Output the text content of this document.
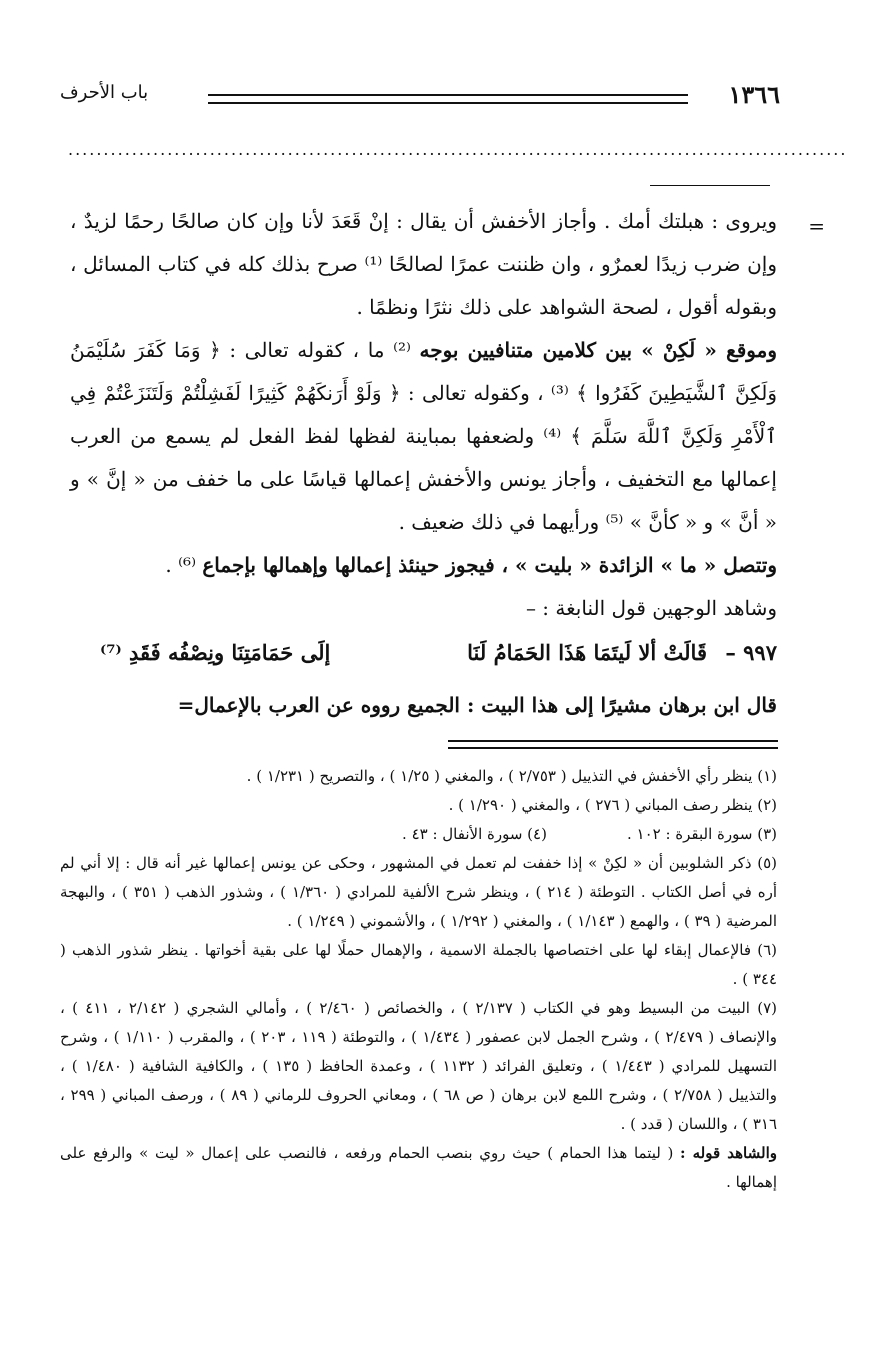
١٣٦٦
باب الأحرف
..............................................................................................................
=

ويروى : هبلتك أمك . وأجاز الأخفش أن يقال : إنْ قَعَدَ لأنا وإن كان صالحًا رحمًا لزيدٌ ، وإن ضرب زيدًا لعمرٌو ، وان ظننت عمرًا لصالحًا ⁽¹⁾ صرح بذلك كله في كتاب المسائل ، وبقوله أقول ، لصحة الشواهد على ذلك نثرًا ونظمًا .

وموقع « لَكِنْ » بين كلامين متنافيين بوجه ⁽²⁾ ما ، كقوله تعالى : ﴿ وَمَا كَفَرَ سُلَيْمَنُ وَلَكِنَّ ٱلشَّيَطِينَ كَفَرُوا ﴾ ⁽³⁾ ، وكقوله تعالى : ﴿ وَلَوْ أَرَنكَهُمْ كَثِيرًا لَفَشِلْتُمْ وَلَتَنَزَعْتُمْ فِي ٱلْأَمْرِ وَلَكِنَّ ٱللَّهَ سَلَّمَ ﴾ ⁽⁴⁾ ولضعفها بمباينة لفظها لفظ الفعل لم يسمع من العرب إعمالها مع التخفيف ، وأجاز يونس والأخفش إعمالها قياسًا على ما خفف من « إنَّ » و « أنَّ » و « كأنَّ » ⁽⁵⁾ ورأيهما في ذلك ضعيف .

وتتصل « ما » الزائدة « بليت » ، فيجوز حينئذ إعمالها وإهمالها بإجماع ⁽⁶⁾ .

وشاهد الوجهين قول النابغة : –

٩٩٧ –
قَالَتْ ألا لَيتَمَا هَذَا الحَمَامُ لَنَا
إلَى حَمَامَتِنَا ونِصْفُه فَقَدِ ⁽⁷⁾
قال ابن برهان مشيرًا إلى هذا البيت : الجميع رووه عن العرب بالإعمال=

(١) ينظر رأي الأخفش في التذييل ( ٢/٧٥٣ ) ، والمغني ( ١/٢٥ ) ، والتصريح ( ١/٢٣١ ) .

(٢) ينظر رصف المباني ( ٢٧٦ ) ، والمغني ( ١/٢٩٠ ) .

(٣) سورة البقرة : ١٠٢ .
(٤) سورة الأنفال : ٤٣ .

(٥) ذكر الشلوبين أن « لكِنْ » إذا خففت لم تعمل في المشهور ، وحكى عن يونس إعمالها غير أنه قال : إلا أني لم أره في أصل الكتاب . التوطئة ( ٢١٤ ) ، وينظر شرح الألفية للمرادي ( ١/٣٦٠ ) ، وشذور الذهب ( ٣٥١ ) ، والبهجة المرضية ( ٣٩ ) ، والهمع ( ١/١٤٣ ) ، والمغني ( ١/٢٩٢ ) ، والأشموني ( ١/٢٤٩ ) .

(٦) فالإعمال إبقاء لها على اختصاصها بالجملة الاسمية ، والإهمال حملًا لها على بقية أخواتها . ينظر شذور الذهب ( ٣٤٤ ) .

(٧) البيت من البسيط وهو في الكتاب ( ٢/١٣٧ ) ، والخصائص ( ٢/٤٦٠ ) ، وأمالي الشجري ( ٢/١٤٢ ، ٤١١ ) ، والإنصاف ( ٢/٤٧٩ ) ، وشرح الجمل لابن عصفور ( ١/٤٣٤ ) ، والتوطئة ( ١١٩ ، ٢٠٣ ) ، والمقرب ( ١/١١٠ ) ، وشرح التسهيل للمرادي ( ١/٤٤٣ ) ، وتعليق الفرائد ( ١١٣٢ ) ، وعمدة الحافظ ( ١٣٥ ) ، والكافية الشافية ( ١/٤٨٠ ) ، والتذييل ( ٢/٧٥٨ ) ، وشرح اللمع لابن برهان ( ص ٦٨ ) ، ومعاني الحروف للرماني ( ٨٩ ) ، ورصف المباني ( ٢٩٩ ، ٣١٦ ) ، واللسان ( قدد ) .

والشاهد قوله : ( ليتما هذا الحمام ) حيث روي بنصب الحمام ورفعه ، فالنصب على إعمال « ليت » والرفع على إهمالها .
